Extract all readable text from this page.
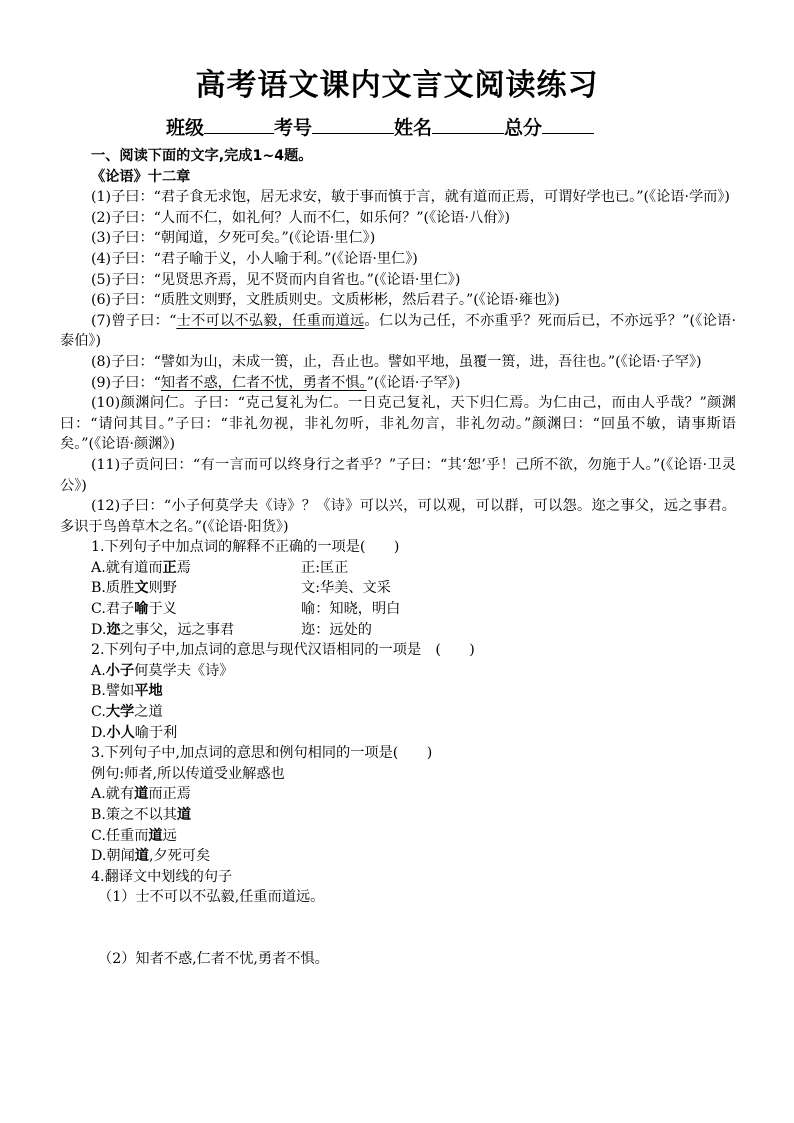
高考语文课内文言文阅读练习
班级	考号	姓名	总分

一、阅读下面的文字,完成1~4题。

《论语》十二章

(1)子曰：“君子食无求饱，居无求安，敏于事而慎于言，就有道而正焉，可谓好学也已。”(《论语·学而》)

(2)子曰：“人而不仁，如礼何？人而不仁，如乐何？”(《论语·八佾》)

(3)子曰：“朝闻道，夕死可矣。”(《论语·里仁》)

(4)子曰：“君子喻于义，小人喻于利。”(《论语·里仁》)

(5)子曰：“见贤思齐焉，见不贤而内自省也。”(《论语·里仁》)

(6)子曰：“质胜文则野，文胜质则史。文质彬彬，然后君子。”(《论语·雍也》)

(7)曾子曰：“士不可以不弘毅，任重而道远。仁以为己任，不亦重乎？死而后已，不亦远乎？”(《论语·泰伯》)

(8)子曰：“譬如为山，未成一篑，止，吾止也。譬如平地，虽覆一篑，进，吾往也。”(《论语·子罕》)

(9)子曰：“知者不惑，仁者不忧，勇者不惧。”(《论语·子罕》)

(10)颜渊问仁。子曰：“克己复礼为仁。一日克己复礼，天下归仁焉。为仁由己，而由人乎哉？”颜渊曰：“请问其目。”子曰：“非礼勿视，非礼勿听，非礼勿言，非礼勿动。”颜渊曰：“回虽不敏，请事斯语矣。”(《论语·颜渊》)

(11)子贡问曰：“有一言而可以终身行之者乎？”子曰：“其‘恕’乎！己所不欲，勿施于人。”(《论语·卫灵公》)

(12)子曰：“小子何莫学夫《诗》？《诗》可以兴，可以观，可以群，可以怨。迩之事父，远之事君。多识于鸟兽草木之名。”(《论语·阳货》)

1.下列句子中加点词的解释不正确的一项是(　　)

A.就有道而正焉	正:匡正

B.质胜文则野	文:华美、文采

C.君子喻于义	喻：知晓，明白

D.迩之事父，远之事君	迩：远处的

2.下列句子中,加点词的意思与现代汉语相同的一项是　(　　)

A.小子何莫学夫《诗》

B.譬如平地

C.大学之道

D.小人喻于利

3.下列句子中,加点词的意思和例句相同的一项是(　　)

例句:师者,所以传道受业解惑也

A.就有道而正焉

B.策之不以其道

C.任重而道远

D.朝闻道,夕死可矣

4.翻译文中划线的句子

（1）士不可以不弘毅,任重而道远。

（2）知者不惑,仁者不忧,勇者不惧。
